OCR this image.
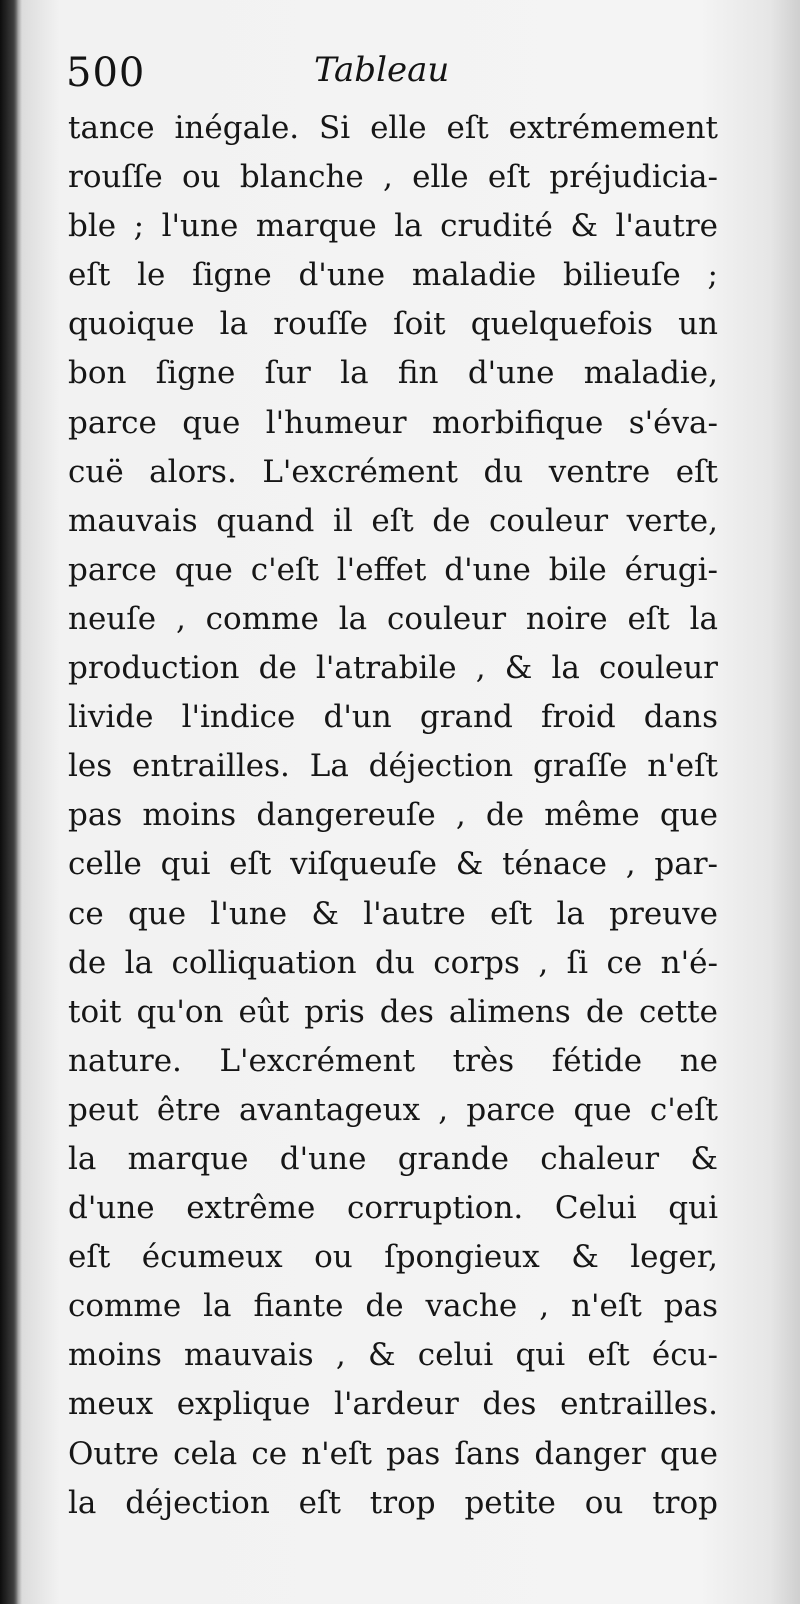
500	Tableau
tance inégale. Si elle eſt extrémement
rouſſe ou blanche , elle eſt préjudicia-
ble ; l'une marque la crudité & l'autre
eſt le ſigne d'une maladie bilieuſe ;
quoique la rouſſe ſoit quelquefois un
bon ſigne ſur la fin d'une maladie,
parce que l'humeur morbifique s'éva-
cuë alors. L'excrément du ventre eſt
mauvais quand il eſt de couleur verte,
parce que c'eſt l'effet d'une bile érugi-
neuſe , comme la couleur noire eſt la
production de l'atrabile , & la couleur
livide l'indice d'un grand froid dans
les entrailles. La déjection graſſe n'eſt
pas moins dangereuſe , de même que
celle qui eſt viſqueuſe & ténace , par-
ce que l'une & l'autre eſt la preuve
de la colliquation du corps , ſi ce n'é-
toit qu'on eût pris des alimens de cette
nature. L'excrément très fétide ne
peut être avantageux , parce que c'eſt
la marque d'une grande chaleur &
d'une extrême corruption. Celui qui
eſt écumeux ou ſpongieux & leger,
comme la fiante de vache , n'eſt pas
moins mauvais , & celui qui eſt écu-
meux explique l'ardeur des entrailles.
Outre cela ce n'eſt pas ſans danger que
la déjection eſt trop petite ou trop
